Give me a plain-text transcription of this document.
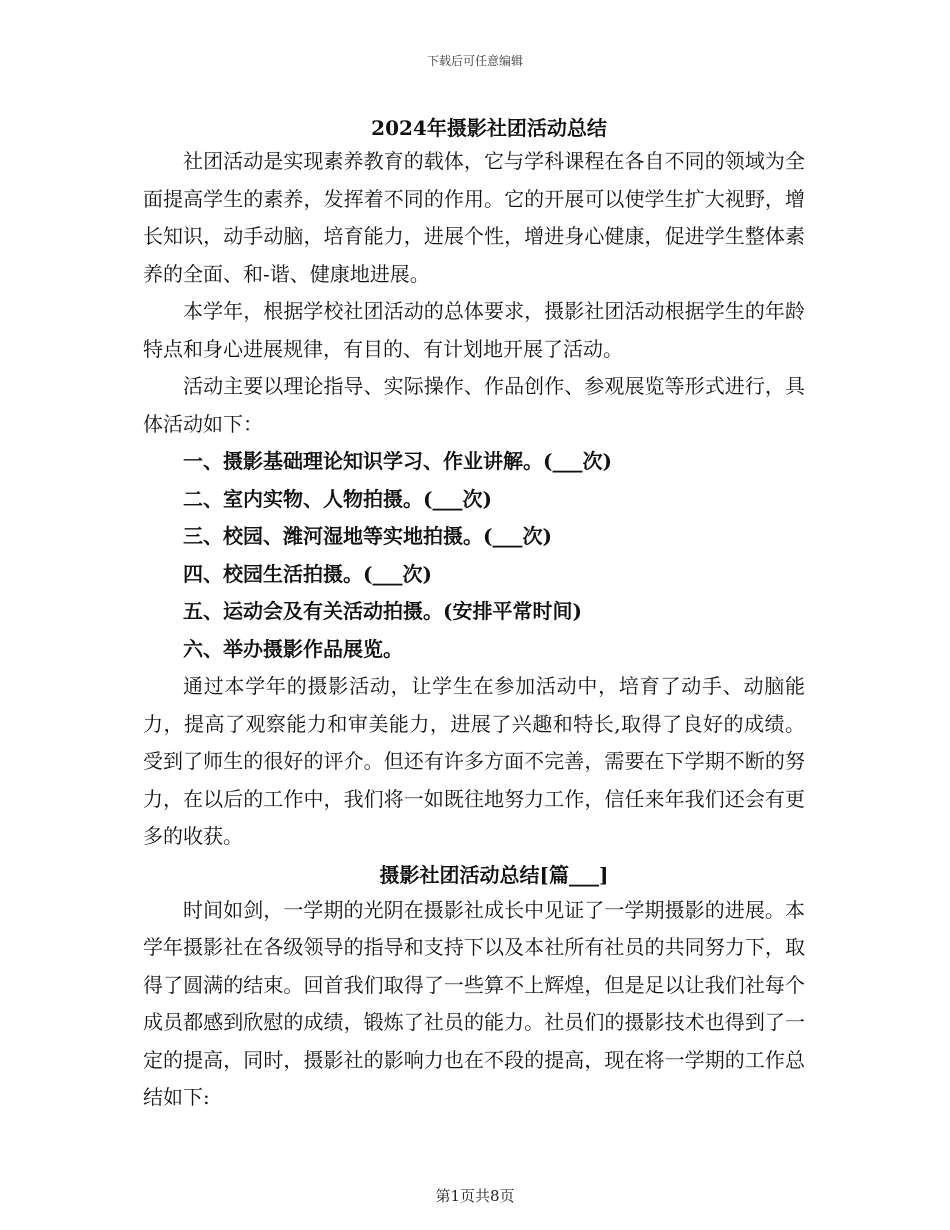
下载后可任意编辑
2024年摄影社团活动总结

社团活动是实现素养教育的载体，它与学科课程在各自不同的领域为全面提高学生的素养，发挥着不同的作用。它的开展可以使学生扩大视野，增长知识，动手动脑，培育能力，进展个性，增进身心健康，促进学生整体素养的全面、和-谐、健康地进展。

本学年，根据学校社团活动的总体要求，摄影社团活动根据学生的年龄特点和身心进展规律，有目的、有计划地开展了活动。

活动主要以理论指导、实际操作、作品创作、参观展览等形式进行，具体活动如下：

一、摄影基础理论知识学习、作业讲解。(___次)

二、室内实物、人物拍摄。(___次)

三、校园、潍河湿地等实地拍摄。(___次)

四、校园生活拍摄。(___次)

五、运动会及有关活动拍摄。(安排平常时间)

六、举办摄影作品展览。

通过本学年的摄影活动，让学生在参加活动中，培育了动手、动脑能力，提高了观察能力和审美能力，进展了兴趣和特长,取得了良好的成绩。受到了师生的很好的评介。但还有许多方面不完善，需要在下学期不断的努力，在以后的工作中，我们将一如既往地努力工作，信任来年我们还会有更多的收获。

摄影社团活动总结[篇___]

时间如剑，一学期的光阴在摄影社成长中见证了一学期摄影的进展。本学年摄影社在各级领导的指导和支持下以及本社所有社员的共同努力下，取得了圆满的结束。回首我们取得了一些算不上辉煌，但是足以让我们社每个成员都感到欣慰的成绩，锻炼了社员的能力。社员们的摄影技术也得到了一定的提高，同时，摄影社的影响力也在不段的提高，现在将一学期的工作总结如下:

第1页共8页
